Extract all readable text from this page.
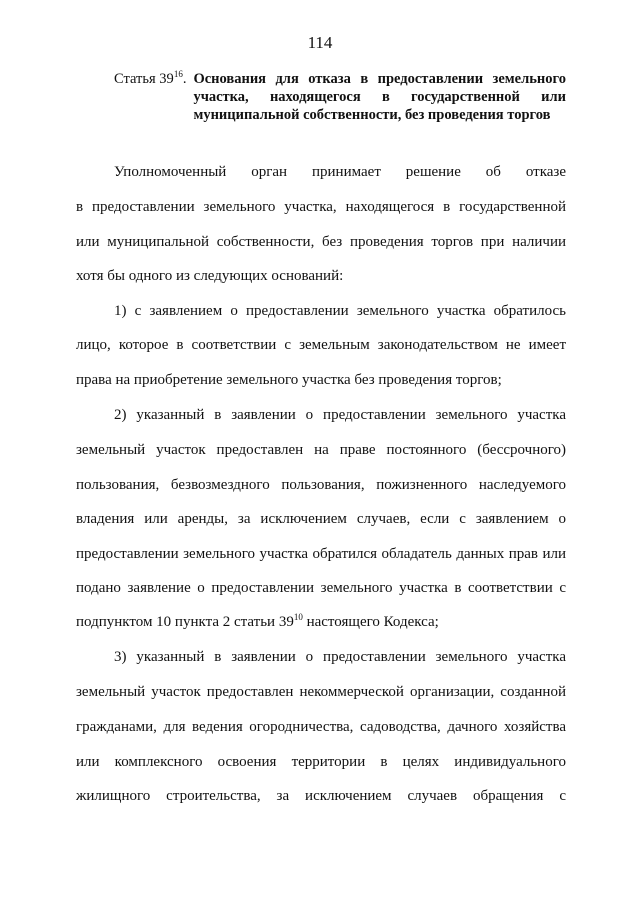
114
Статья $39^{16}$. Основания для отказа в предоставлении земельного участка, находящегося в государственной или муниципальной собственности, без проведения торгов
Уполномоченный орган принимает решение об отказе
в предоставлении земельного участка, находящегося в государственной
или муниципальной собственности, без проведения торгов при наличии
хотя бы одного из следующих оснований:
1) с заявлением о предоставлении земельного участка обратилось
лицо, которое в соответствии с земельным законодательством не имеет
права на приобретение земельного участка без проведения торгов;
2) указанный в заявлении о предоставлении земельного участка
земельный участок предоставлен на праве постоянного (бессрочного)
пользования, безвозмездного пользования, пожизненного наследуемого
владения или аренды, за исключением случаев, если с заявлением о
предоставлении земельного участка обратился обладатель данных прав или
подано заявление о предоставлении земельного участка в соответствии с
подпунктом 10 пункта 2 статьи $39^{10}$ настоящего Кодекса;
3) указанный в заявлении о предоставлении земельного участка
земельный участок предоставлен некоммерческой организации, созданной
гражданами, для ведения огородничества, садоводства, дачного хозяйства
или комплексного освоения территории в целях индивидуального
жилищного строительства, за исключением случаев обращения с
